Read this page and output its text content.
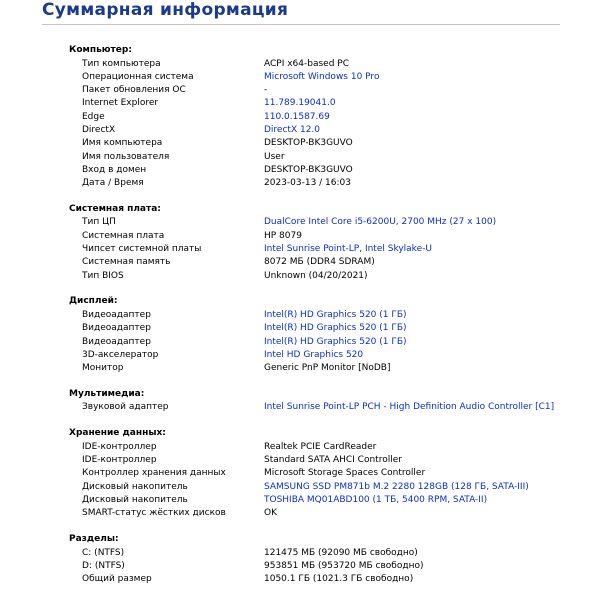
Суммарная информация
Компьютер:
Тип компьютера	ACPI x64-based PC
Операционная система	Microsoft Windows 10 Pro
Пакет обновления ОС	-
Internet Explorer	11.789.19041.0
Edge	110.0.1587.69
DirectX	DirectX 12.0
Имя компьютера	DESKTOP-BK3GUVO
Имя пользователя	User
Вход в домен	DESKTOP-BK3GUVO
Дата / Время	2023-03-13 / 16:03
Системная плата:
Тип ЦП	DualCore Intel Core i5-6200U, 2700 MHz (27 x 100)
Системная плата	HP 8079
Чипсет системной платы	Intel Sunrise Point-LP, Intel Skylake-U
Системная память	8072 МБ (DDR4 SDRAM)
Тип BIOS	Unknown (04/20/2021)
Дисплей:
Видеоадаптер	Intel(R) HD Graphics 520 (1 ГБ)
Видеоадаптер	Intel(R) HD Graphics 520 (1 ГБ)
Видеоадаптер	Intel(R) HD Graphics 520 (1 ГБ)
3D-акселератор	Intel HD Graphics 520
Монитор	Generic PnP Monitor [NoDB]
Мультимедиа:
Звуковой адаптер	Intel Sunrise Point-LP PCH - High Definition Audio Controller [C1]
Хранение данных:
IDE-контроллер	Realtek PCIE CardReader
IDE-контроллер	Standard SATA AHCI Controller
Контроллер хранения данных	Microsoft Storage Spaces Controller
Дисковый накопитель	SAMSUNG SSD PM871b M.2 2280 128GB (128 ГБ, SATA-III)
Дисковый накопитель	TOSHIBA MQ01ABD100 (1 ТБ, 5400 RPM, SATA-II)
SMART-статус жёстких дисков	OK
Разделы:
C: (NTFS)	121475 МБ (92090 МБ свободно)
D: (NTFS)	953851 МБ (953720 МБ свободно)
Общий размер	1050.1 ГБ (1021.3 ГБ свободно)
